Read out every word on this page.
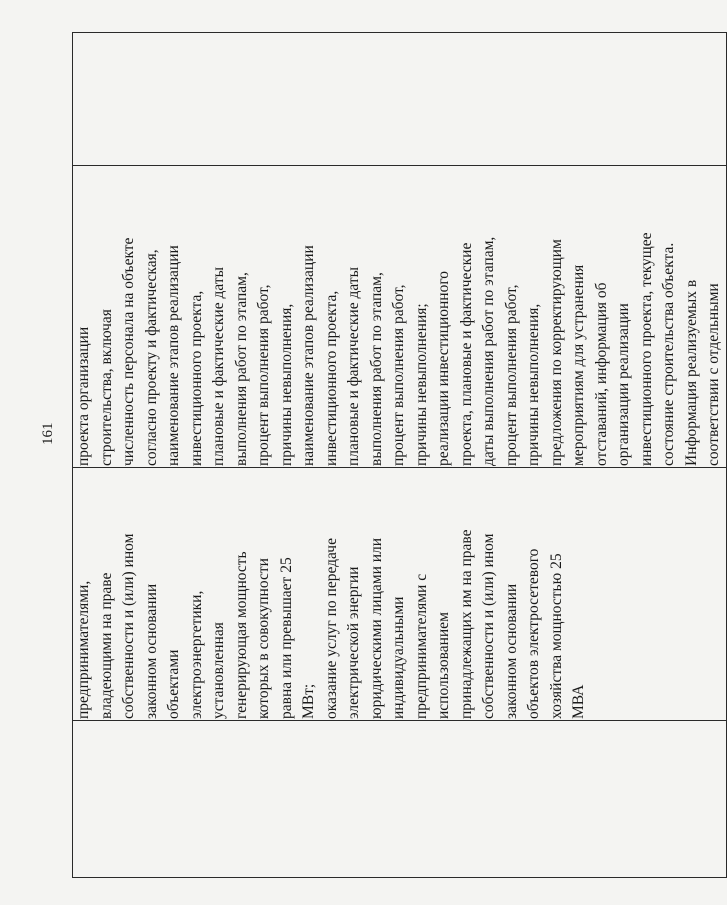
161

предпринимателями, владеющими на праве собственности и (или) ином законном основании объектами электроэнергетики, установленная генерирующая мощность которых в совокупности равна или превышает 25 МВт; оказание услуг по передаче электрической энергии юридическими лицами или индивидуальными предпринимателями с использованием принадлежащих им на праве собственности и (или) ином законном основании объектов электросетевого хозяйства мощностью 25 МВА

проекта организации строительства, включая численность персонала на объекте согласно проекту и фактическая, наименование этапов реализации инвестиционного проекта, плановые и фактические даты выполнения работ по этапам, процент выполнения работ, причины невыполнения, наименование этапов реализации инвестиционного проекта, плановые и фактические даты выполнения работ по этапам, процент выполнения работ, причины невыполнения; реализации инвестиционного проекта, плановые и фактические даты выполнения работ по этапам, процент выполнения работ, причины невыполнения, предложения по корректирующим мероприятиям для устранения отставаний, информация об организации реализации инвестиционного проекта, текущее состояние строительства объекта. Информация реализуемых в соответствии с отдельными
